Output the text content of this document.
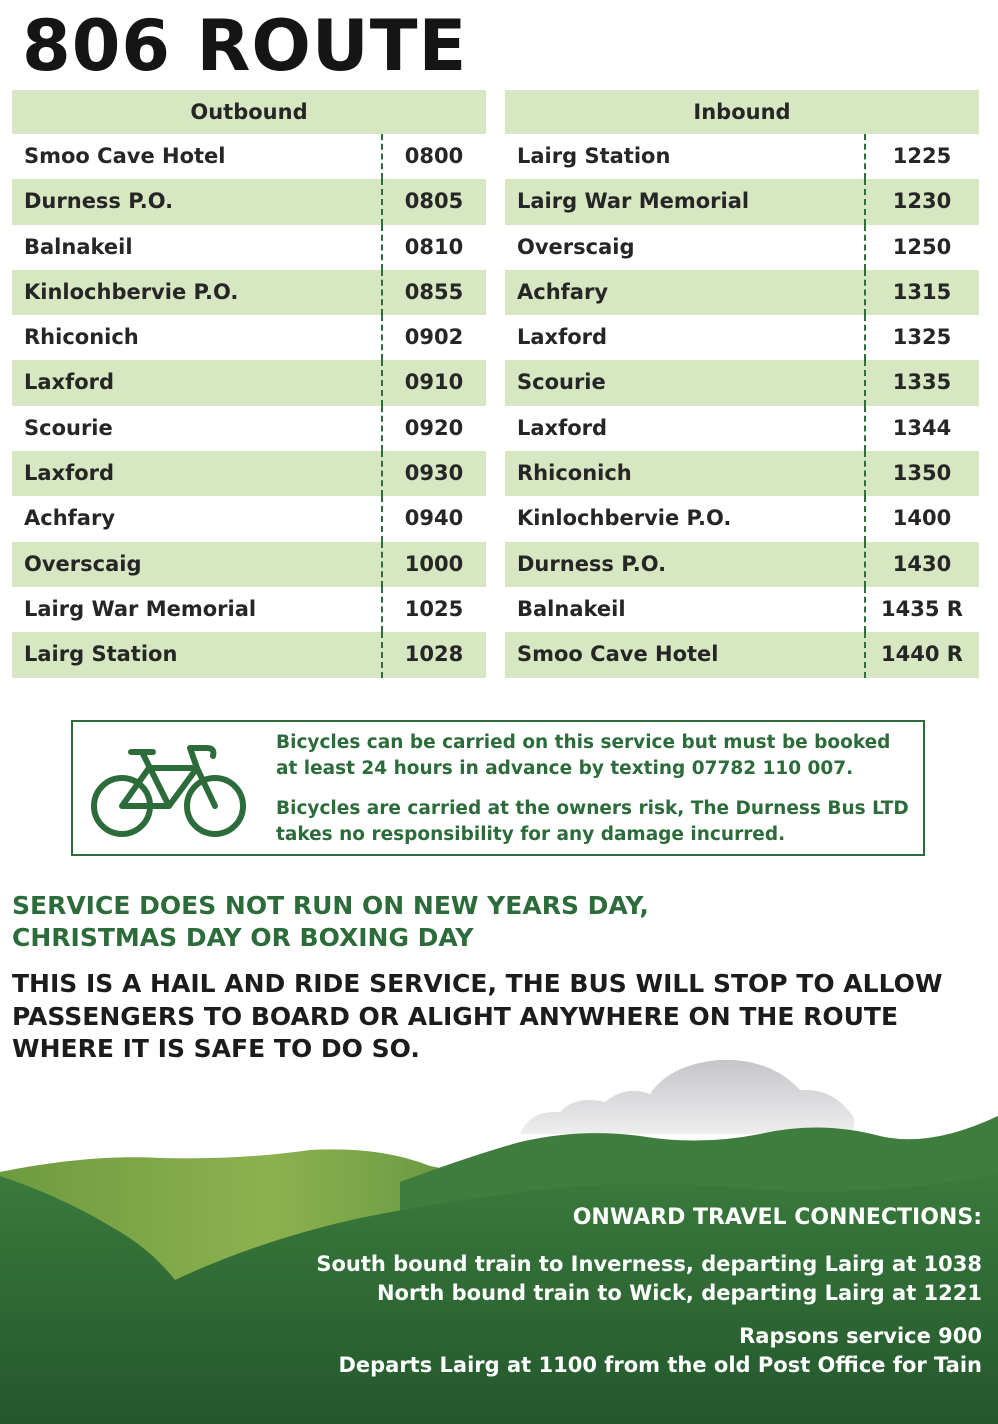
806 ROUTE
Outbound
Smoo Cave Hotel	0800
Durness P.O.	0805
Balnakeil	0810
Kinlochbervie P.O.	0855
Rhiconich	0902
Laxford	0910
Scourie	0920
Laxford	0930
Achfary	0940
Overscaig	1000
Lairg War Memorial	1025
Lairg Station	1028
Inbound
Lairg Station	1225
Lairg War Memorial	1230
Overscaig	1250
Achfary	1315
Laxford	1325
Scourie	1335
Laxford	1344
Rhiconich	1350
Kinlochbervie P.O.	1400
Durness P.O.	1430
Balnakeil	1435 R
Smoo Cave Hotel	1440 R

Bicycles can be carried on this service but must be booked at least 24 hours in advance by texting 07782 110 007.

Bicycles are carried at the owners risk, The Durness Bus LTD takes no responsibility for any damage incurred.

SERVICE DOES NOT RUN ON NEW YEARS DAY,
CHRISTMAS DAY OR BOXING DAY
THIS IS A HAIL AND RIDE SERVICE, THE BUS WILL STOP TO ALLOW
PASSENGERS TO BOARD OR ALIGHT ANYWHERE ON THE ROUTE
WHERE IT IS SAFE TO DO SO.
ONWARD TRAVEL CONNECTIONS:
South bound train to Inverness, departing Lairg at 1038
North bound train to Wick, departing Lairg at 1221
Rapsons service 900
Departs Lairg at 1100 from the old Post Office for Tain
